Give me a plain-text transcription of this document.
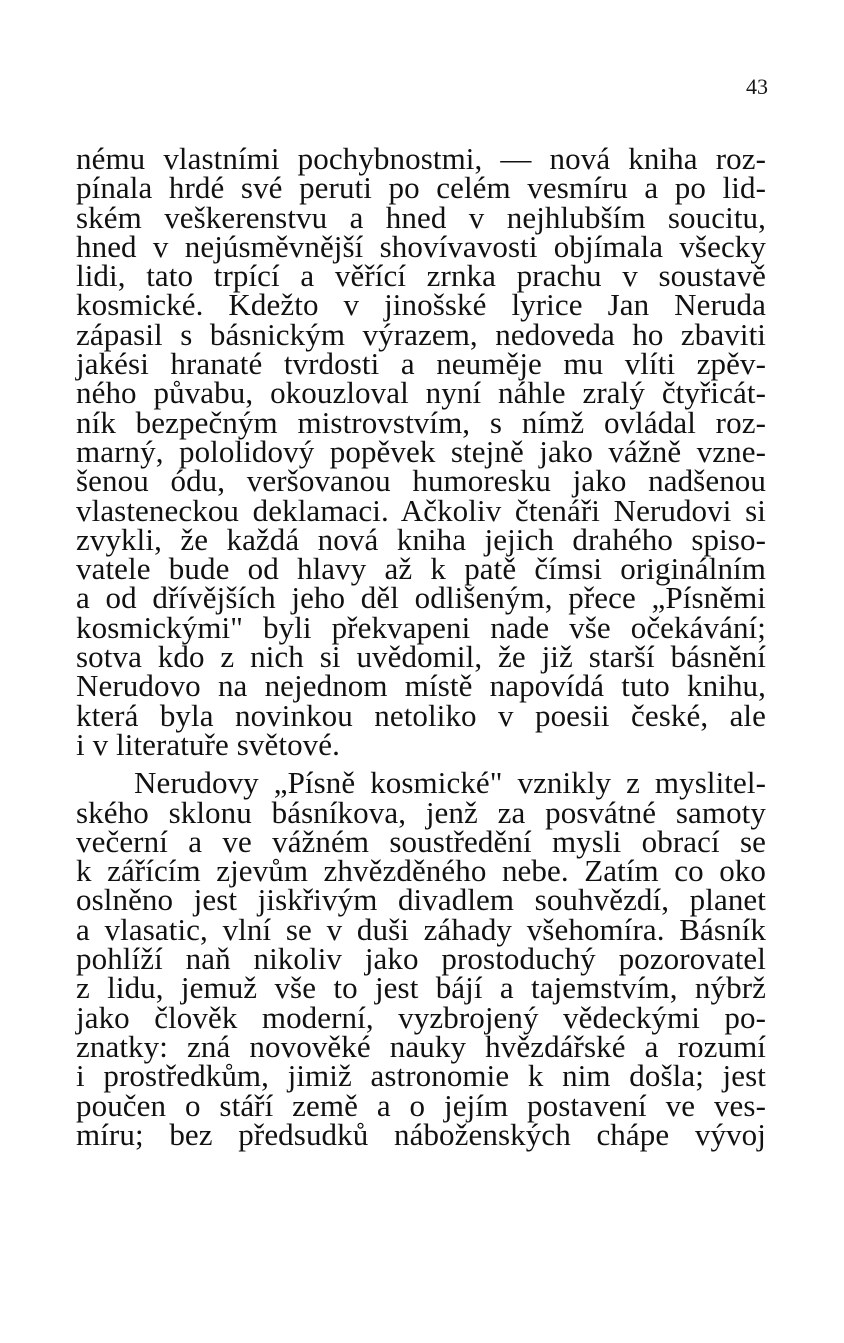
43
nému vlastními pochybnostmi, — nová kniha roz-
pínala hrdé své peruti po celém vesmíru a po lid-
ském veškerenstvu a hned v nejhlubším soucitu,
hned v nejúsměvnější shovívavosti objímala všecky
lidi, tato trpící a věřící zrnka prachu v soustavě
kosmické. Kdežto v jinošské lyrice Jan Neruda
zápasil s básnickým výrazem, nedoveda ho zbaviti
jakési hranaté tvrdosti a neuměje mu vlíti zpěv-
ného půvabu, okouzloval nyní náhle zralý čtyřicát-
ník bezpečným mistrovstvím, s nímž ovládal roz-
marný, pololidový popěvek stejně jako vážně vzne-
šenou ódu, veršovanou humoresku jako nadšenou
vlasteneckou deklamaci. Ačkoliv čtenáři Nerudovi si
zvykli, že každá nová kniha jejich drahého spiso-
vatele bude od hlavy až k patě čímsi originálním
a od dřívějších jeho děl odlišeným, přece „Písněmi
kosmickými" byli překvapeni nade vše očekávání;
sotva kdo z nich si uvědomil, že již starší básnění
Nerudovo na nejednom místě napovídá tuto knihu,
která byla novinkou netoliko v poesii české, ale
i v literatuře světové.
Nerudovy „Písně kosmické" vznikly z myslitel-
ského sklonu básníkova, jenž za posvátné samoty
večerní a ve vážném soustředění mysli obrací se
k zářícím zjevům zhvězděného nebe. Zatím co oko
oslněno jest jiskřivým divadlem souhvězdí, planet
a vlasatic, vlní se v duši záhady všehomíra. Básník
pohlíží naň nikoliv jako prostoduchý pozorovatel
z lidu, jemuž vše to jest bájí a tajemstvím, nýbrž
jako člověk moderní, vyzbrojený vědeckými po-
znatky: zná novověké nauky hvězdářské a rozumí
i prostředkům, jimiž astronomie k nim došla; jest
poučen o stáří země a o jejím postavení ve ves-
míru; bez předsudků náboženských chápe vývoj
